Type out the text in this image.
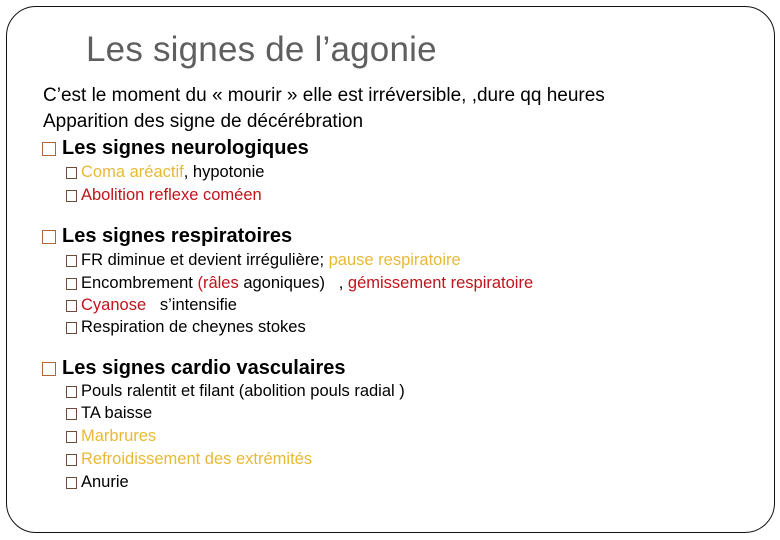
Les signes de l’agonie
C’est le moment du « mourir » elle est irréversible, ,dure qq heures
Apparition des signe de décérébration
Les signes neurologiques
Coma aréactif , hypotonie
Abolition reflexe coméen
Les signes respiratoires
FR diminue et devient irrégulière; pause respiratoire
Encombrement (râles agoniques)   , gémissement respiratoire
Cyanose s’intensifie
Respiration de cheynes stokes
Les signes cardio vasculaires
Pouls ralentit et filant (abolition pouls radial )
TA baisse
Marbrures
Refroidissement des extrémités
Anurie
